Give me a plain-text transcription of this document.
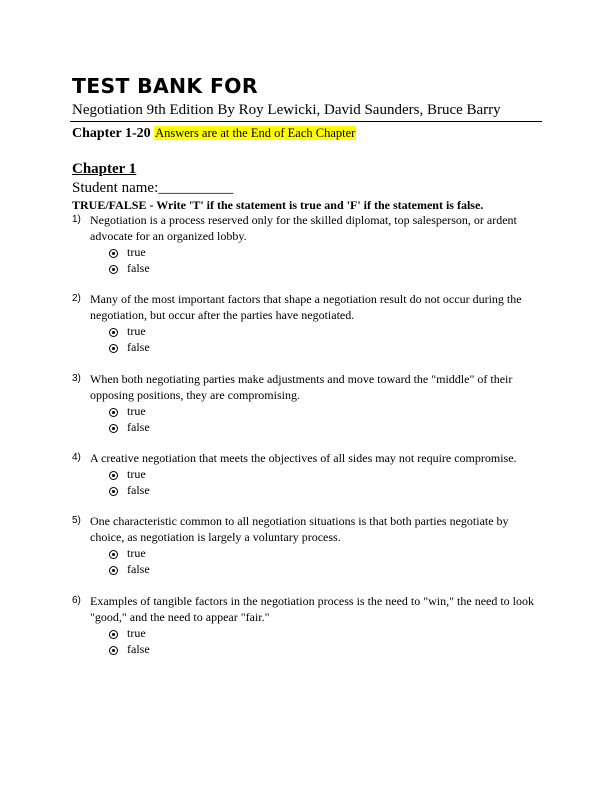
TEST BANK FOR
Negotiation 9th Edition By Roy Lewicki, David Saunders, Bruce Barry
Chapter 1-20 Answers are at the End of Each Chapter
Chapter 1
Student name:__________
TRUE/FALSE - Write 'T' if the statement is true and 'F' if the statement is false.
1) Negotiation is a process reserved only for the skilled diplomat, top salesperson, or ardent
advocate for an organized lobby.
true
false
2) Many of the most important factors that shape a negotiation result do not occur during the
negotiation, but occur after the parties have negotiated.
true
false
3) When both negotiating parties make adjustments and move toward the "middle" of their
opposing positions, they are compromising.
true
false
4) A creative negotiation that meets the objectives of all sides may not require compromise.
true
false
5) One characteristic common to all negotiation situations is that both parties negotiate by
choice, as negotiation is largely a voluntary process.
true
false
6) Examples of tangible factors in the negotiation process is the need to "win," the need to look
"good," and the need to appear "fair."
true
false
